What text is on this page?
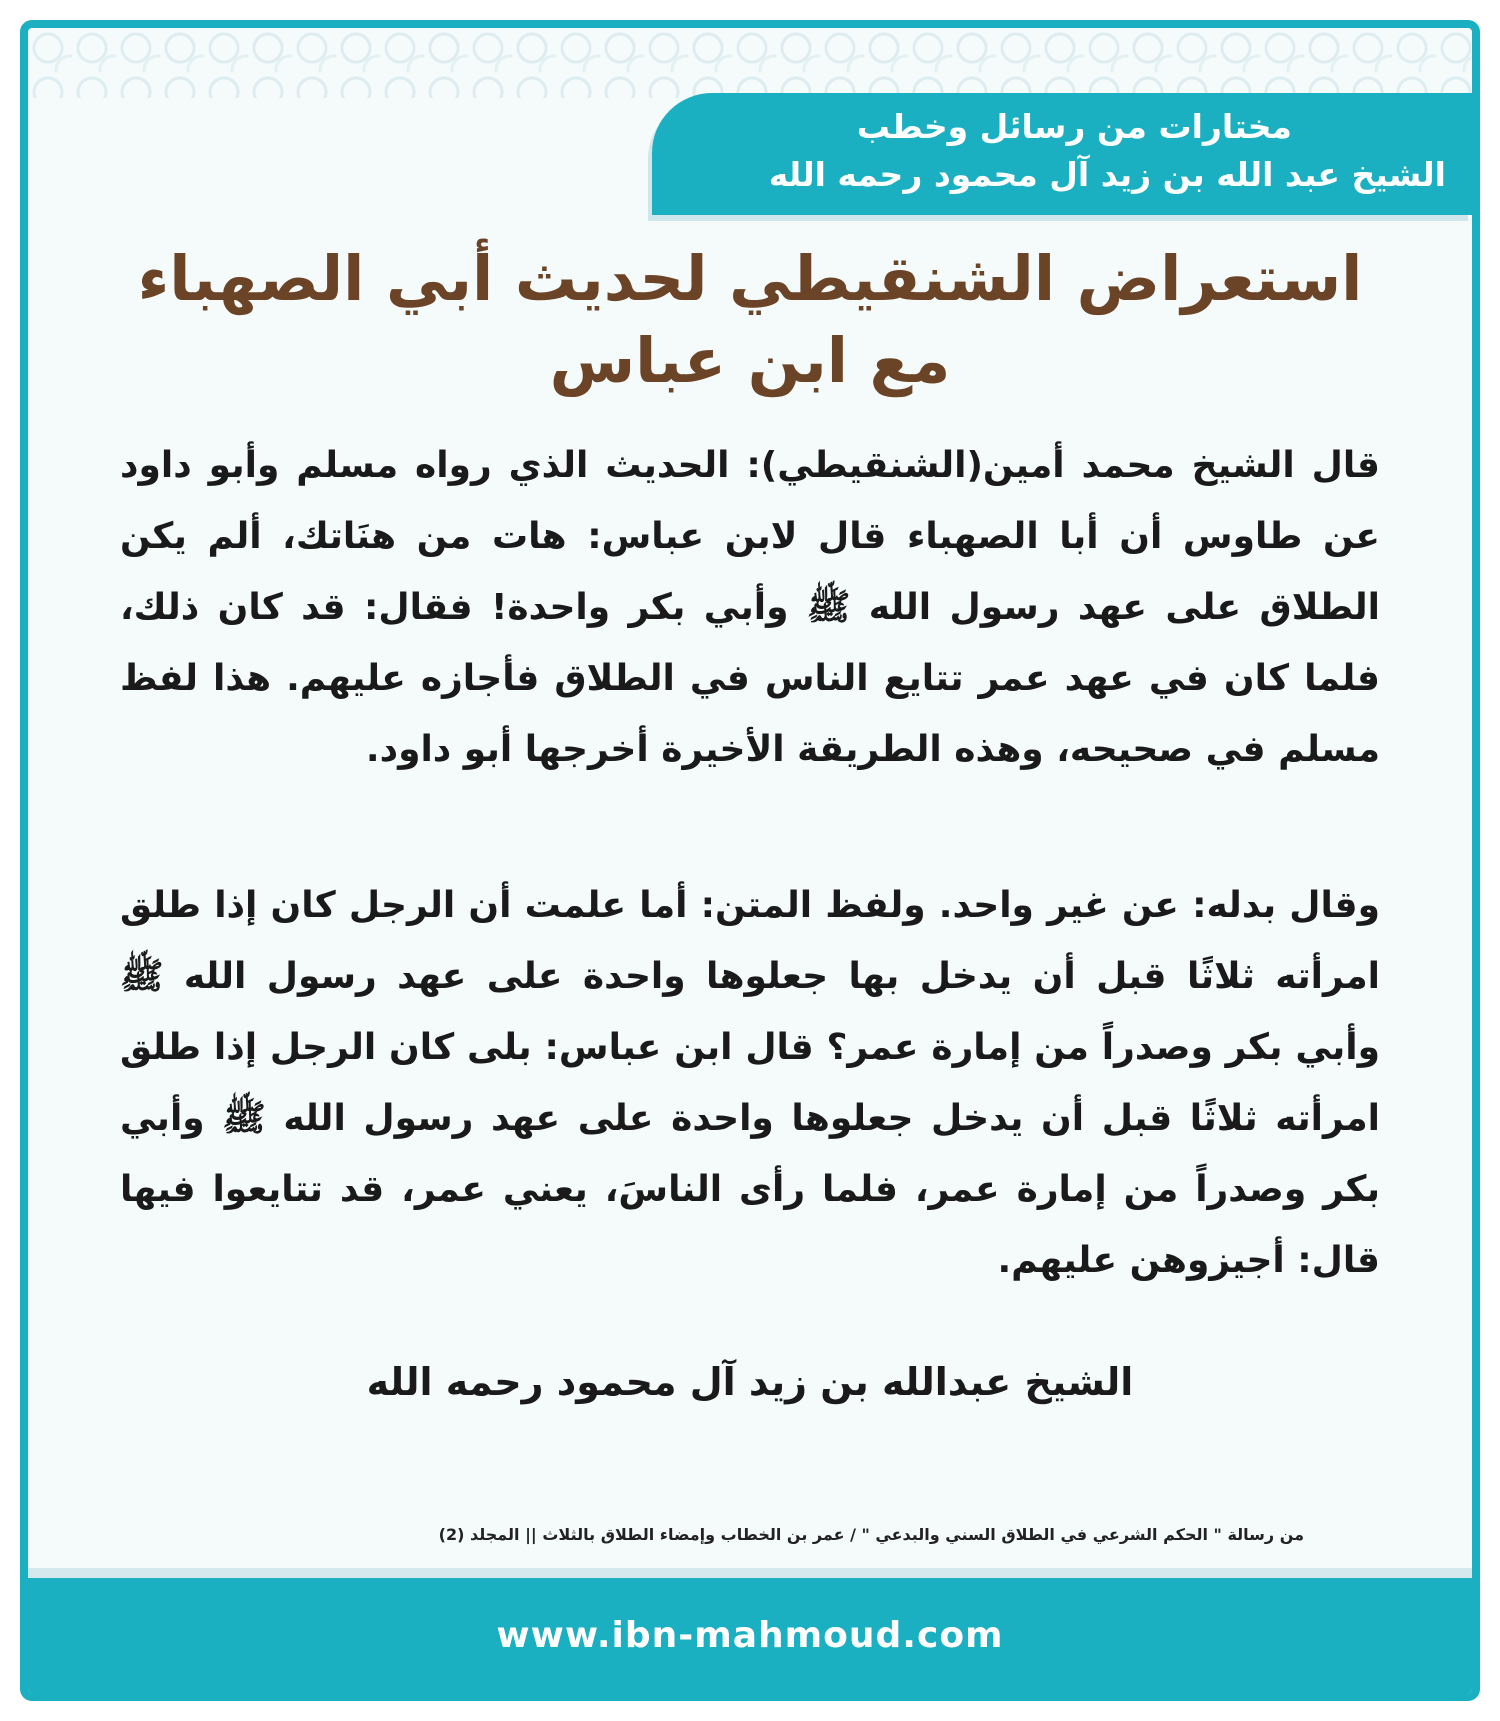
مختارات من رسائل وخطب
الشيخ عبد الله بن زيد آل محمود رحمه الله
استعراض الشنقيطي لحديث أبي الصهباء مع ابن عباس
قال الشيخ محمد أمين(الشنقيطي): الحديث الذي رواه مسلم وأبو داود عن طاوس أن أبا الصهباء قال لابن عباس: هات من هنَاتك، ألم يكن الطلاق على عهد رسول الله ﷺ وأبي بكر واحدة! فقال: قد كان ذلك، فلما كان في عهد عمر تتايع الناس في الطلاق فأجازه عليهم. هذا لفظ مسلم في صحيحه، وهذه الطريقة الأخيرة أخرجها أبو داود.
وقال بدله: عن غير واحد. ولفظ المتن: أما علمت أن الرجل كان إذا طلق امرأته ثلاثًا قبل أن يدخل بها جعلوها واحدة على عهد رسول الله ﷺ وأبي بكر وصدراً من إمارة عمر؟ قال ابن عباس: بلى كان الرجل إذا طلق امرأته ثلاثًا قبل أن يدخل جعلوها واحدة على عهد رسول الله ﷺ وأبي بكر وصدراً من إمارة عمر، فلما رأى الناسَ، يعني عمر، قد تتايعوا فيها قال: أجيزوهن عليهم.
الشيخ عبدالله بن زيد آل محمود رحمه الله
من رسالة " الحكم الشرعي في الطلاق السني والبدعي " / عمر بن الخطاب وإمضاء الطلاق بالثلاث || المجلد (2)
www.ibn-mahmoud.com
